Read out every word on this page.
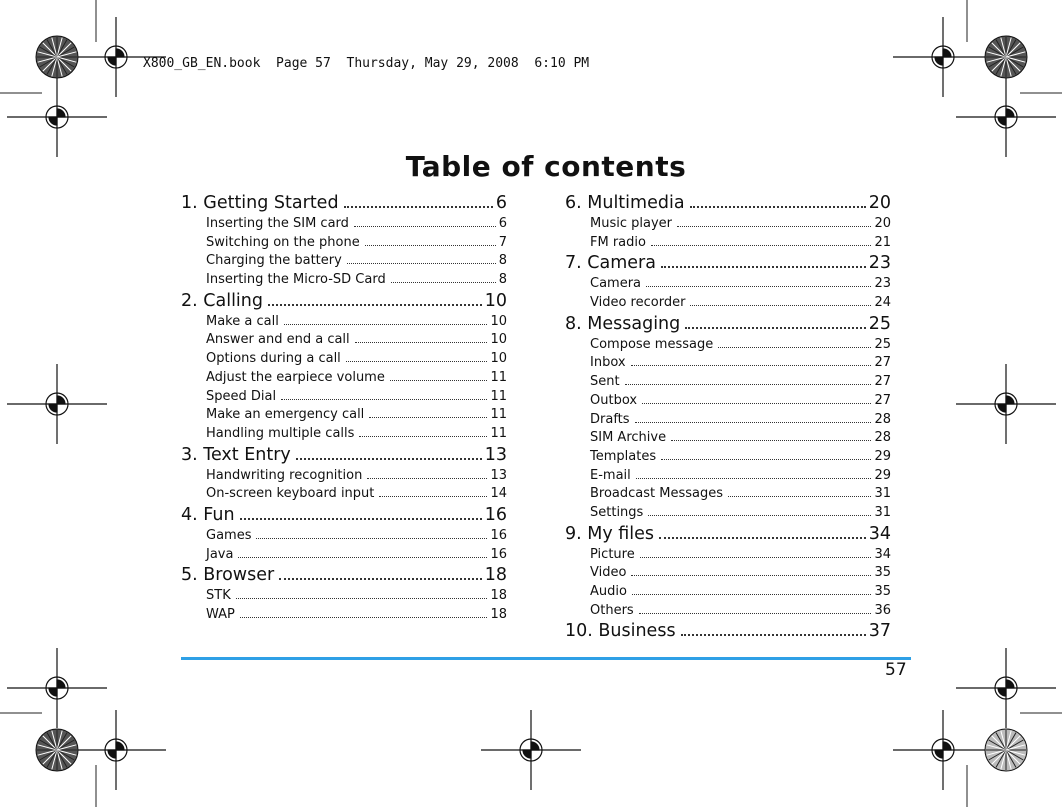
X800_GB_EN.book  Page 57  Thursday, May 29, 2008  6:10 PM
Table of contents
1. Getting Started	6
Inserting the SIM card	6
Switching on the phone	7
Charging the battery	8
Inserting the Micro-SD Card	8
2. Calling	10
Make a call	10
Answer and end a call	10
Options during a call	10
Adjust the earpiece volume	11
Speed Dial	11
Make an emergency call	11
Handling multiple calls	11
3. Text Entry	13
Handwriting recognition	13
On-screen keyboard input	14
4. Fun	16
Games	16
Java	16
5. Browser	18
STK	18
WAP	18
6. Multimedia	20
Music player	20
FM radio	21
7. Camera	23
Camera	23
Video recorder	24
8. Messaging	25
Compose message	25
Inbox	27
Sent	27
Outbox	27
Drafts	28
SIM Archive	28
Templates	29
E-mail	29
Broadcast Messages	31
Settings	31
9. My files	34
Picture	34
Video	35
Audio	35
Others	36
10. Business	37
57
